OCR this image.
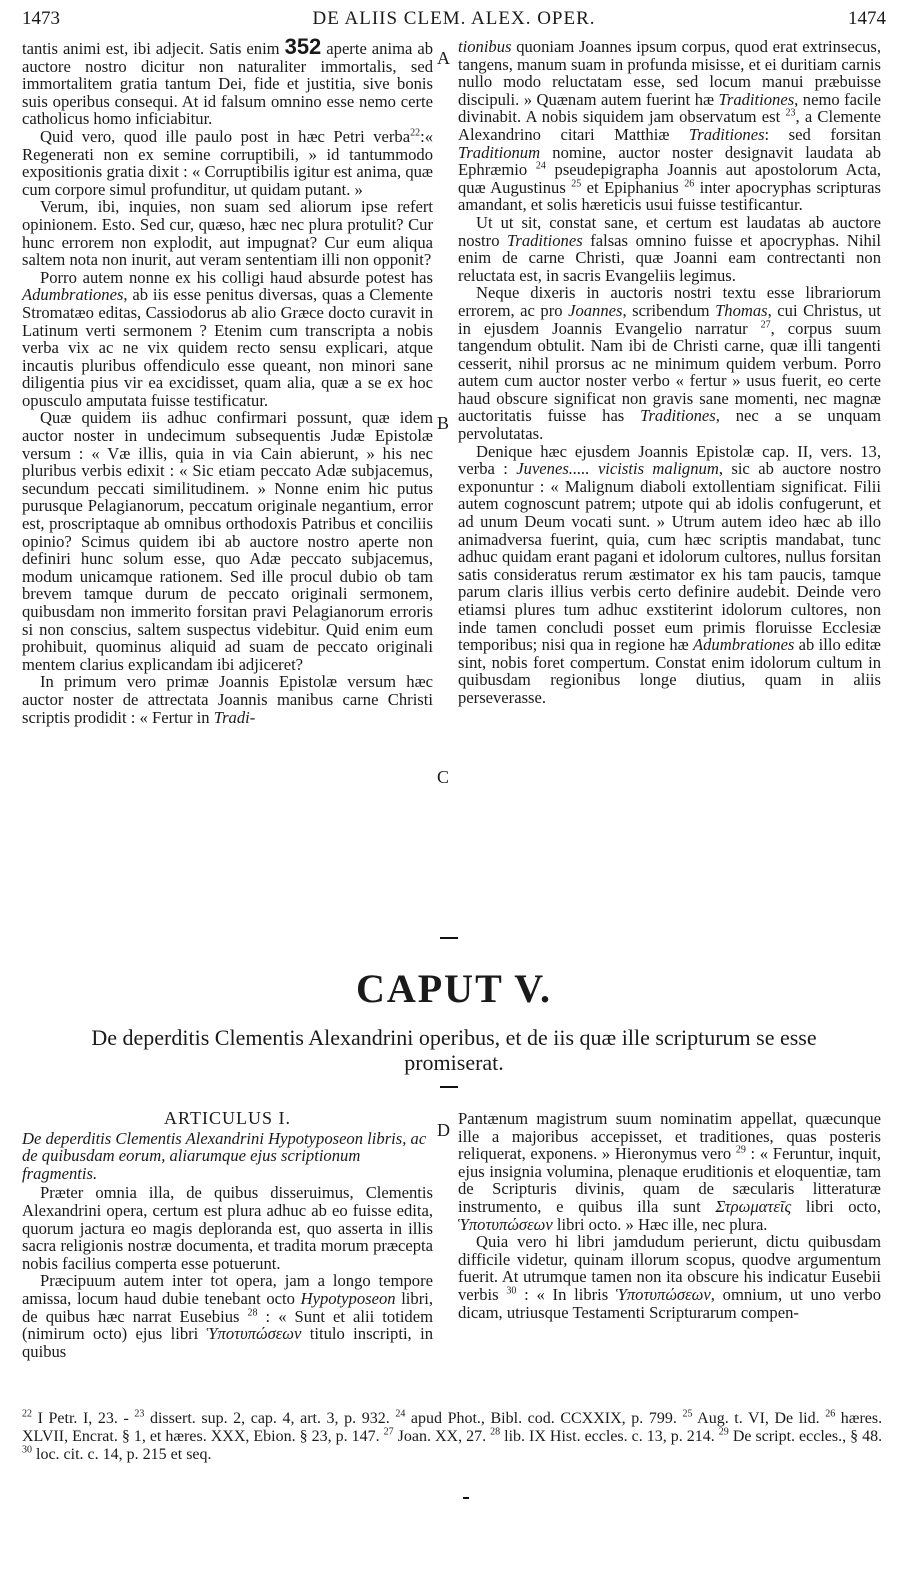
1473	DE ALIIS CLEM. ALEX. OPER.	1474
A
B
C
D

tantis animi est, ibi adjecit. Satis enim 352 aperte anima ab auctore nostro dicitur non naturaliter immortalis, sed immortalitem gratia tantum Dei, fide et justitia, sive bonis suis operibus consequi. At id falsum omnino esse nemo certe catholicus homo inficiabitur.

Quid vero, quod ille paulo post in hæc Petri verba$^{22}$:« Regenerati non ex semine corruptibili, » id tantummodo expositionis gratia dixit : « Corruptibilis igitur est anima, quæ cum corpore simul profunditur, ut quidam putant. »

Verum, ibi, inquies, non suam sed aliorum ipse refert opinionem. Esto. Sed cur, quæso, hæc nec plura protulit? Cur hunc errorem non explodit, aut impugnat? Cur eum aliqua saltem nota non inurit, aut veram sententiam illi non opponit?

Porro autem nonne ex his colligi haud absurde potest has Adumbrationes, ab iis esse penitus diversas, quas a Clemente Stromatæo editas, Cassiodorus ab alio Græce docto curavit in Latinum verti sermonem ? Etenim cum transcripta a nobis verba vix ac ne vix quidem recto sensu explicari, atque incautis pluribus offendiculo esse queant, non minori sane diligentia pius vir ea excidisset, quam alia, quæ a se ex hoc opusculo amputata fuisse testificatur.

Quæ quidem iis adhuc confirmari possunt, quæ idem auctor noster in undecimum subsequentis Judæ Epistolæ versum : « Væ illis, quia in via Cain abierunt, » his nec pluribus verbis edixit : « Sic etiam peccato Adæ subjacemus, secundum peccati similitudinem. » Nonne enim hic putus purusque Pelagianorum, peccatum originale negantium, error est, proscriptaque ab omnibus orthodoxis Patribus et conciliis opinio? Scimus quidem ibi ab auctore nostro aperte non definiri hunc solum esse, quo Adæ peccato subjacemus, modum unicamque rationem. Sed ille procul dubio ob tam brevem tamque durum de peccato originali sermonem, quibusdam non immerito forsitan pravi Pelagianorum erroris si non conscius, saltem suspectus videbitur. Quid enim eum prohibuit, quominus aliquid ad suam de peccato originali mentem clarius explicandam ibi adjiceret?

In primum vero primæ Joannis Epistolæ versum hæc auctor noster de attrectata Joannis manibus carne Christi scriptis prodidit : « Fertur in Tradi-

tionibus quoniam Joannes ipsum corpus, quod erat extrinsecus, tangens, manum suam in profunda misisse, et ei duritiam carnis nullo modo reluctatam esse, sed locum manui præbuisse discipuli. » Quænam autem fuerint hæ Traditiones, nemo facile divinabit. A nobis siquidem jam observatum est $^{23}$, a Clemente Alexandrino citari Matthiæ Traditiones: sed forsitan Traditionum nomine, auctor noster designavit laudata ab Ephræmio $^{24}$ pseudepigrapha Joannis aut apostolorum Acta, quæ Augustinus $^{25}$ et Epiphanius $^{26}$ inter apocryphas scripturas amandant, et solis hæreticis usui fuisse testificantur.

Ut ut sit, constat sane, et certum est laudatas ab auctore nostro Traditiones falsas omnino fuisse et apocryphas. Nihil enim de carne Christi, quæ Joanni eam contrectanti non reluctata est, in sacris Evangeliis legimus.

Neque dixeris in auctoris nostri textu esse librariorum errorem, ac pro Joannes, scribendum Thomas, cui Christus, ut in ejusdem Joannis Evangelio narratur $^{27}$, corpus suum tangendum obtulit. Nam ibi de Christi carne, quæ illi tangenti cesserit, nihil prorsus ac ne minimum quidem verbum. Porro autem cum auctor noster verbo « fertur » usus fuerit, eo certe haud obscure significat non gravis sane momenti, nec magnæ auctoritatis fuisse has Traditiones, nec a se unquam pervolutatas.

Denique hæc ejusdem Joannis Epistolæ cap. II, vers. 13, verba : Juvenes..... vicistis malignum, sic ab auctore nostro exponuntur : « Malignum diaboli extollentiam significat. Filii autem cognoscunt patrem; utpote qui ab idolis confugerunt, et ad unum Deum vocati sunt. » Utrum autem ideo hæc ab illo animadversa fuerint, quia, cum hæc scriptis mandabat, tunc adhuc quidam erant pagani et idolorum cultores, nullus forsitan satis consideratus rerum æstimator ex his tam paucis, tamque parum claris illius verbis certo definire audebit. Deinde vero etiamsi plures tum adhuc exstiterint idolorum cultores, non inde tamen concludi posset eum primis floruisse Ecclesiæ temporibus; nisi qua in regione hæ Adumbrationes ab illo editæ sint, nobis foret compertum. Constat enim idolorum cultum in quibusdam regionibus longe diutius, quam in aliis perseverasse.

CAPUT V.
De deperditis Clementis Alexandrini operibus, et de iis quæ ille scripturum se esse promiserat.
ARTICULUS I.
De deperditis Clementis Alexandrini Hypotyposeon libris, ac de quibusdam eorum, aliarumque ejus scriptionum fragmentis.

Præter omnia illa, de quibus disseruimus, Clementis Alexandrini opera, certum est plura adhuc ab eo fuisse edita, quorum jactura eo magis deploranda est, quo asserta in illis sacra religionis nostræ documenta, et tradita morum præcepta nobis facilius comperta esse potuerunt.

Præcipuum autem inter tot opera, jam a longo tempore amissa, locum haud dubie tenebant octo Hypotyposeon libri, de quibus hæc narrat Eusebius $^{28}$ : « Sunt et alii totidem (nimirum octo) ejus libri Ὑποτυπώσεων titulo inscripti, in quibus

Pantænum magistrum suum nominatim appellat, quæcunque ille a majoribus accepisset, et traditiones, quas posteris reliquerat, exponens. » Hieronymus vero $^{29}$ : « Feruntur, inquit, ejus insignia volumina, plenaque eruditionis et eloquentiæ, tam de Scripturis divinis, quam de sæcularis litteraturæ instrumento, e quibus illa sunt Στρωματεῖς libri octo, Ὑποτυπώσεων libri octo. » Hæc ille, nec plura.

Quia vero hi libri jamdudum perierunt, dictu quibusdam difficile videtur, quinam illorum scopus, quodve argumentum fuerit. At utrumque tamen non ita obscure his indicatur Eusebii verbis $^{30}$ : « In libris Ὑποτυπώσεων, omnium, ut uno verbo dicam, utriusque Testamenti Scripturarum compen-

$^{22}$ I Petr. I, 23. - $^{23}$ dissert. sup. 2, cap. 4, art. 3, p. 932. $^{24}$ apud Phot., Bibl. cod. CCXXIX, p. 799. $^{25}$ Aug. t. VI, De lid. $^{26}$ hæres. XLVII, Encrat. § 1, et hæres. XXX, Ebion. § 23, p. 147. $^{27}$ Joan. XX, 27. $^{28}$ lib. IX Hist. eccles. c. 13, p. 214. $^{29}$ De script. eccles., § 48. $^{30}$ loc. cit. c. 14, p. 215 et seq.
